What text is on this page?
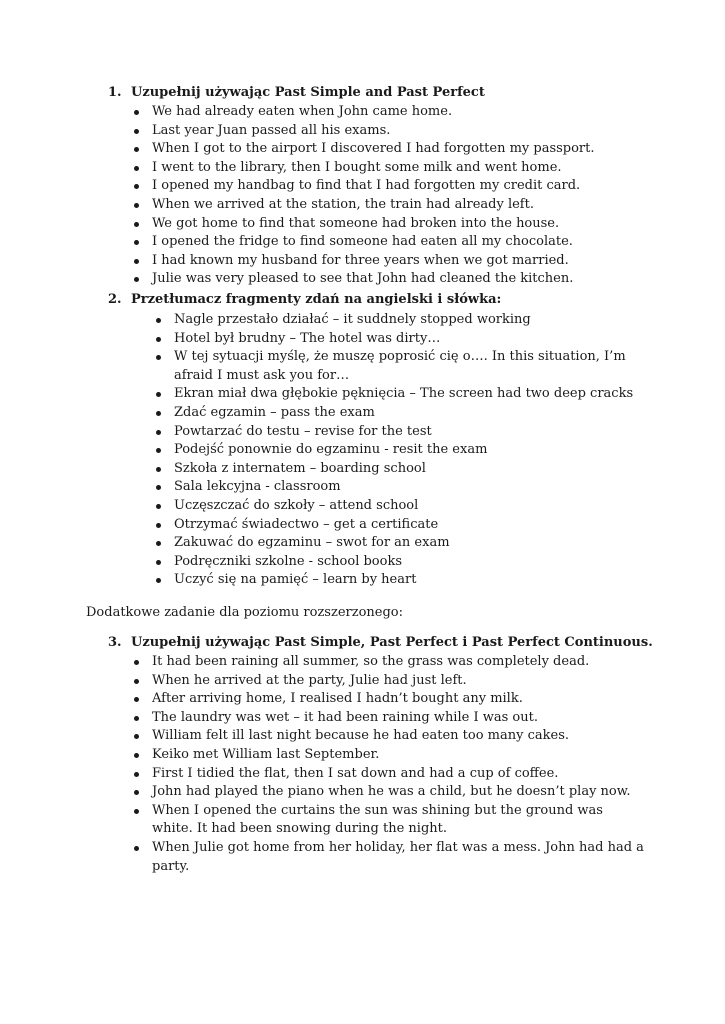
1. Uzupełnij używając Past Simple and Past Perfect
We had already eaten when John came home.
Last year Juan passed all his exams.
When I got to the airport I discovered I had forgotten my passport.
I went to the library, then I bought some milk and went home.
I opened my handbag to find that I had forgotten my credit card.
When we arrived at the station, the train had already left.
We got home to find that someone had broken into the house.
I opened the fridge to find someone had eaten all my chocolate.
I had known my husband for three years when we got married.
Julie was very pleased to see that John had cleaned the kitchen.
2. Przetłumacz fragmenty zdań na angielski i słówka:
Nagle przestało działać – it suddnely stopped working
Hotel był brudny – The hotel was dirty…
W tej sytuacji myślę, że muszę poprosić cię o…. In this situation, I’m afraid I must ask you for…
Ekran miał dwa głębokie pęknięcia – The screen had two deep cracks
Zdać egzamin – pass the exam
Powtarzać do testu – revise for the test
Podejść ponownie do egzaminu - resit the exam
Szkoła z internatem – boarding school
Sala lekcyjna - classroom
Uczęszczać do szkoły – attend school
Otrzymać świadectwo – get a certificate
Zakuwać do egzaminu – swot for an exam
Podręczniki szkolne - school books
Uczyć się na pamięć – learn by heart

Dodatkowe zadanie dla poziomu rozszerzonego:

3. Uzupełnij używając Past Simple, Past Perfect i Past Perfect Continuous.
It had been raining all summer, so the grass was completely dead.
When he arrived at the party, Julie had just left.
After arriving home, I realised I hadn’t bought any milk.
The laundry was wet – it had been raining while I was out.
William felt ill last night because he had eaten too many cakes.
Keiko met William last September.
First I tidied the flat, then I sat down and had a cup of coffee.
John had played the piano when he was a child, but he doesn’t play now.
When I opened the curtains the sun was shining but the ground was white. It had been snowing during the night.
When Julie got home from her holiday, her flat was a mess. John had had a party.
